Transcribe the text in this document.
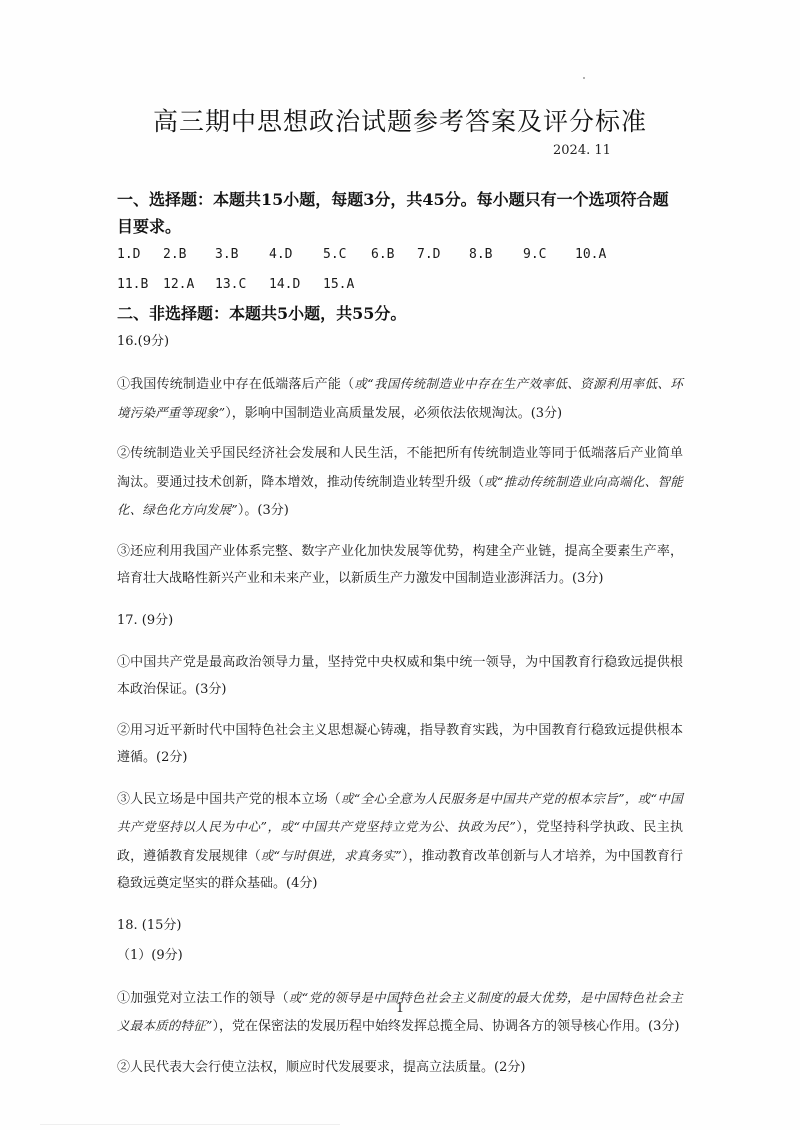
高三期中思想政治试题参考答案及评分标准
2024. 11

一、选择题：本题共15小题，每题3分，共45分。每小题只有一个选项符合题目要求。

1.D	2.B	3.B	4.D	5.C	6.B	7.D	8.B	9.C	10.A
11.B	12.A	13.C	14.D	15.A

二、非选择题：本题共5小题，共55分。

16.(9分)

①我国传统制造业中存在低端落后产能（或“我国传统制造业中存在生产效率低、资源利用率低、环境污染严重等现象”），影响中国制造业高质量发展，必须依法依规淘汰。(3分)

②传统制造业关乎国民经济社会发展和人民生活，不能把所有传统制造业等同于低端落后产业简单淘汰。要通过技术创新，降本增效，推动传统制造业转型升级（或“推动传统制造业向高端化、智能化、绿色化方向发展”）。(3分)

③还应利用我国产业体系完整、数字产业化加快发展等优势，构建全产业链，提高全要素生产率，培育壮大战略性新兴产业和未来产业，以新质生产力激发中国制造业澎湃活力。(3分)

17. (9分)

①中国共产党是最高政治领导力量，坚持党中央权威和集中统一领导，为中国教育行稳致远提供根本政治保证。(3分)

②用习近平新时代中国特色社会主义思想凝心铸魂，指导教育实践，为中国教育行稳致远提供根本遵循。(2分)

③人民立场是中国共产党的根本立场（或“全心全意为人民服务是中国共产党的根本宗旨”，或“中国共产党坚持以人民为中心”，或“中国共产党坚持立党为公、执政为民”），党坚持科学执政、民主执政，遵循教育发展规律（或“与时俱进，求真务实”），推动教育改革创新与人才培养，为中国教育行稳致远奠定坚实的群众基础。(4分)

18. (15分)

（1）(9分)

①加强党对立法工作的领导（或“党的领导是中国特色社会主义制度的最大优势，是中国特色社会主义最本质的特征”），党在保密法的发展历程中始终发挥总揽全局、协调各方的领导核心作用。(3分)

②人民代表大会行使立法权，顺应时代发展要求，提高立法质量。(2分)

1
